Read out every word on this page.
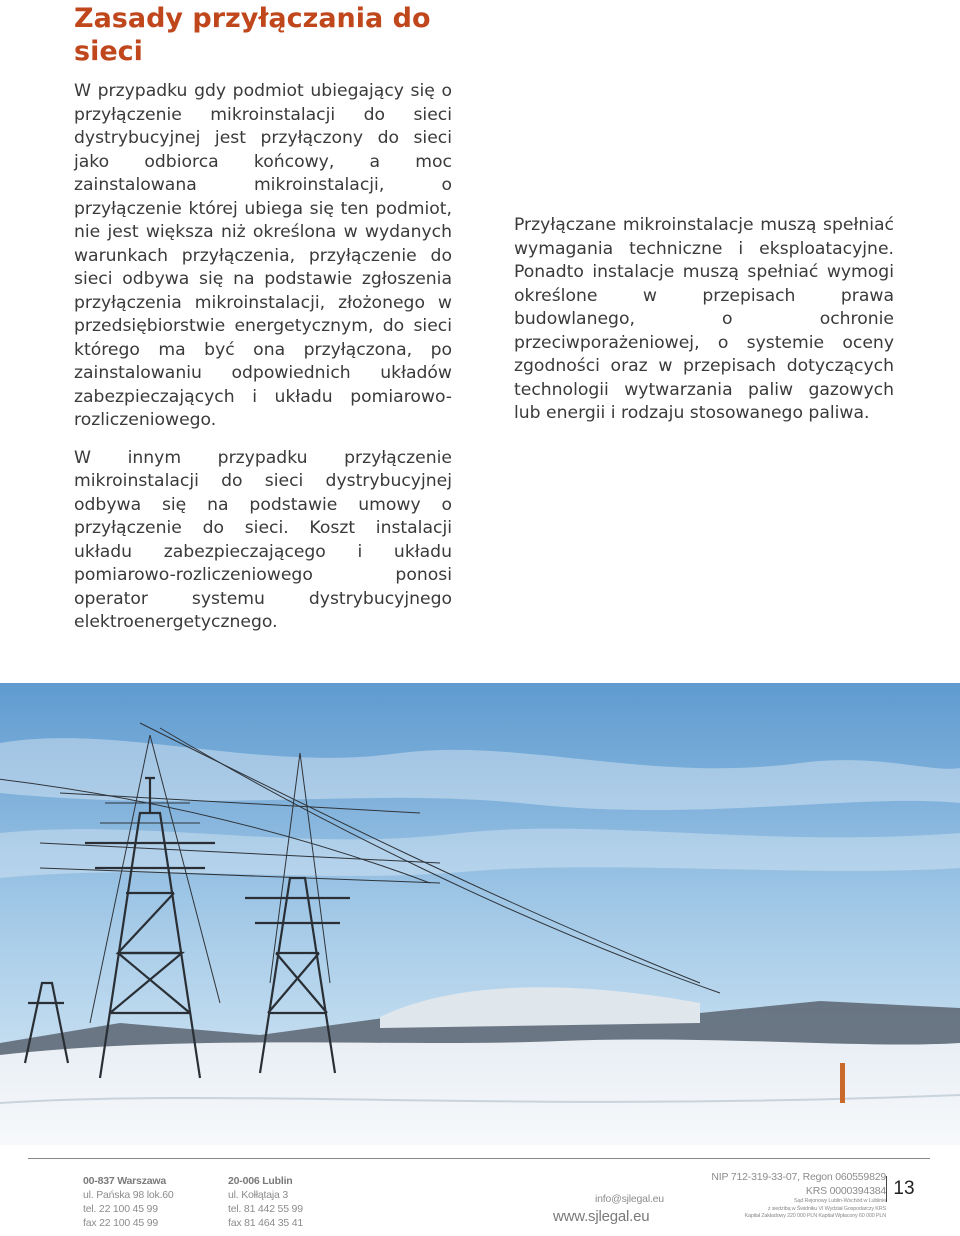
Zasady przyłączania do sieci

W przypadku gdy podmiot ubiegający się o przyłączenie mikroinstalacji do sieci dystrybucyjnej jest przyłączony do sieci jako odbiorca końcowy, a moc zainstalowana mikroinstalacji, o przyłączenie której ubiega się ten podmiot, nie jest większa niż określona w wydanych warunkach przyłączenia, przyłączenie do sieci odbywa się na podstawie zgłoszenia przyłączenia mikroinstalacji, złożonego w przedsiębiorstwie energetycznym, do sieci którego ma być ona przyłączona, po zainstalowaniu odpowiednich układów zabezpieczających i układu pomiarowo-rozliczeniowego.

W innym przypadku przyłączenie mikroinstalacji do sieci dystrybucyjnej odbywa się na podstawie umowy o przyłączenie do sieci. Koszt instalacji układu zabezpieczającego i układu pomiarowo-rozliczeniowego ponosi operator systemu dystrybucyjnego elektroenergetycznego.

Przyłączane mikroinstalacje muszą spełniać wymagania techniczne i eksploatacyjne. Ponadto instalacje muszą spełniać wymogi określone w przepisach prawa budowlanego, o ochronie przeciwporażeniowej, o systemie oceny zgodności oraz w przepisach dotyczących technologii wytwarzania paliw gazowych lub energii i rodzaju stosowanego paliwa.

00-837 Warszawa
ul. Pańska 98 lok.60
tel. 22 100 45 99
fax 22 100 45 99
20-006 Lublin
ul. Kołłątaja 3
tel. 81 442 55 99
fax 81 464 35 41
info@sjlegal.eu
www.sjlegal.eu
NIP 712-319-33-07, Regon 060559829
KRS 0000394384
Sąd Rejonowy Lublin-Wschód w Lublinie
z siedzibą w Świdniku VI Wydział Gospodarczy KRS
Kapitał Zakładowy 220 000 PLN Kapitał Wpłacony 60 000 PLN
13
